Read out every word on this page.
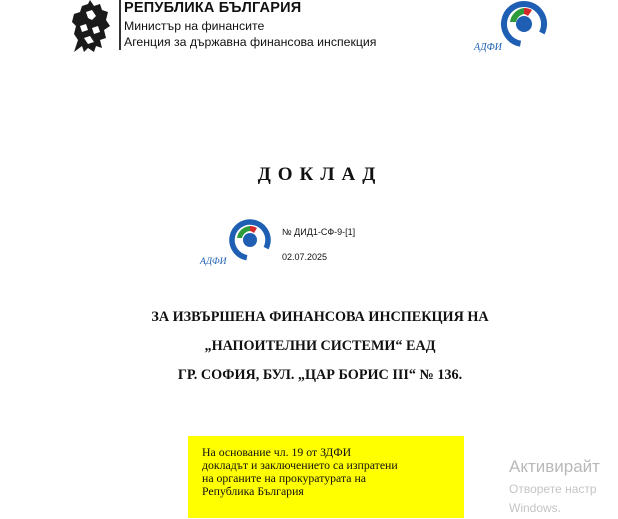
РЕПУБЛИКА БЪЛГАРИЯ
Министър на финансите
Агенция за държавна финансова инспекция	АДФИ
ДОКЛАД
АДФИ
№ ДИД1-СФ-9-[1]
02.07.2025
ЗА ИЗВЪРШЕНА ФИНАНСОВА ИНСПЕКЦИЯ НА
„НАПОИТЕЛНИ СИСТЕМИ“ ЕАД
ГР. СОФИЯ, БУЛ. „ЦАР БОРИС III“ № 136.
На основание чл. 19 от ЗДФИ
докладът и заключението са изпратени
на органите на прокуратурата на
Република България
Активирайт
Отворете настр
Windows.
